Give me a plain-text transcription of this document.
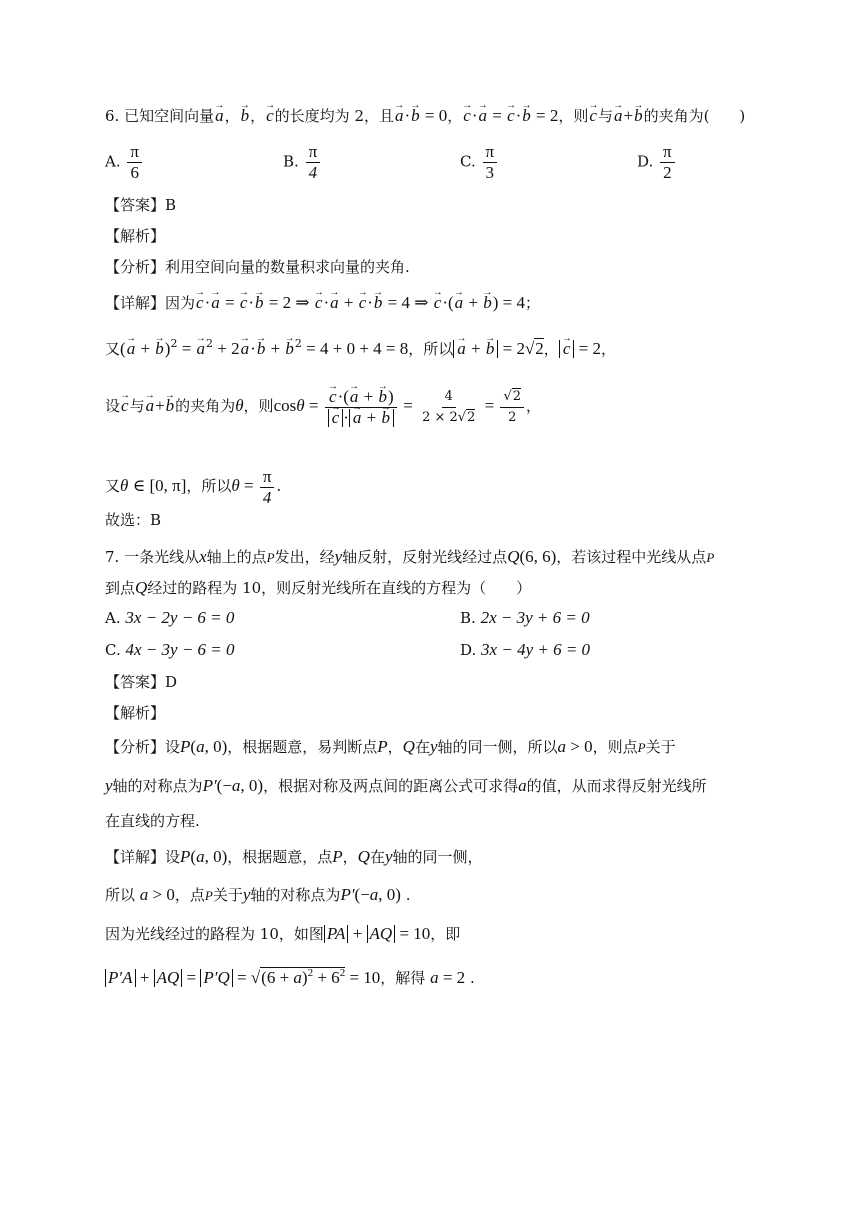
6. 已知空间向量→ a，→ b，→ c的长度均为 2，且→ a·→ b = 0，→ c·→ a = → c·→ b = 2，则→ c与→ a+→ b的夹角为(　　)
A. $\frac{\pi}{6}$	B. $\frac{\pi}{4}$	C. $\frac{\pi}{3}$	D. $\frac{\pi}{2}$
【答案】B
【解析】
【分析】利用空间向量的数量积求向量的夹角.
【详解】因为→ c·→ a = → c·→ b = 2 ⇒ → c·→ a + → c·→ b = 4 ⇒ → c·(→ a + → b) = 4；
又(→ a + → b)$^2$ = → $a^2 + 2\to a\cdot\to b$ + → $b^2 = 4 + 0 + 4 = 8$，所以 → a + → b = 2√2， → c = 2，
设→ c与→ a+→ b的夹角为θ，则cosθ = → c·(→ a + → b)
→ c · → a + → $b = \frac{4}{2 \times 2√2} = \frac{√2}{2}$ ，
又θ ∈ [0, π]，所以$\theta = \frac{\pi}{4}$ .
故选：B
7. 一条光线从x轴上的点P发出，经y轴反射，反射光线经过点Q(6, 6)，若该过程中光线从点P
到点Q经过的路程为 10，则反射光线所在直线的方程为（　　）
A. 3x − 2y − 6 = 0	B. 2x − 3y + 6 = 0
C. 4x − 3y − 6 = 0	D. 3x − 4y + 6 = 0
【答案】D
【解析】
【分析】设P(a, 0)，根据题意，易判断点P，Q在y轴的同一侧，所以a > 0，则点P关于
y轴的对称点为P′(−a, 0)，根据对称及两点间的距离公式可求得a的值，从而求得反射光线所
在直线的方程.
【详解】设P(a, 0)，根据题意，点P，Q在y轴的同一侧，
所以 a > 0，点P关于y轴的对称点为P′(−a, 0) .
因为光线经过的路程为 10，如图 PA + AQ = 10，即
P′A + AQ = $P'Q = √(6 + a)^2 + 6^2 = 10$，解得 a = 2 .
